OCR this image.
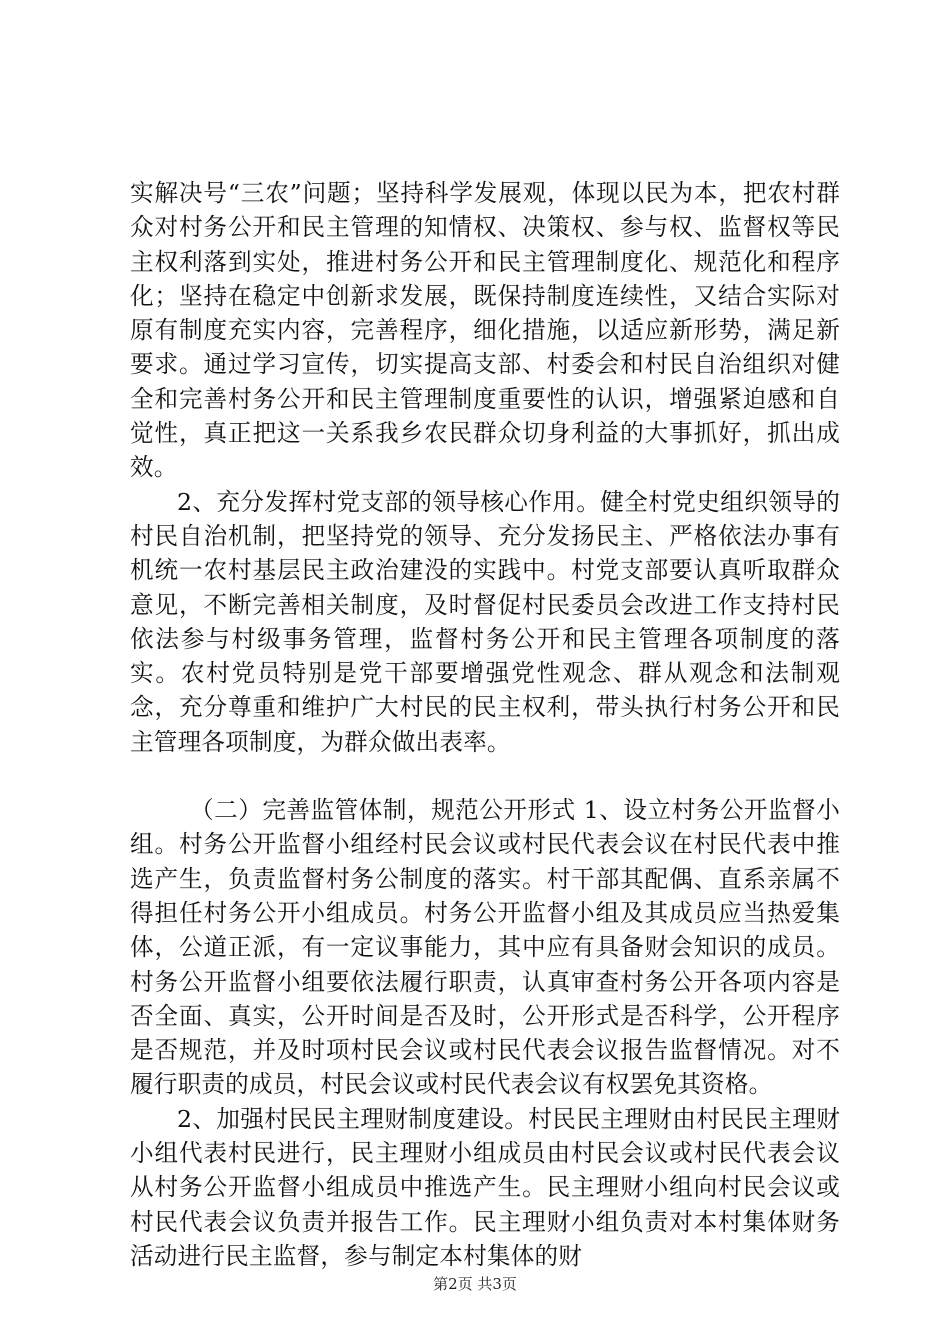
实解决号“三农”问题；坚持科学发展观，体现以民为本，把农村群众对村务公开和民主管理的知情权、决策权、参与权、监督权等民主权利落到实处，推进村务公开和民主管理制度化、规范化和程序化；坚持在稳定中创新求发展，既保持制度连续性，又结合实际对原有制度充实内容，完善程序，细化措施，以适应新形势，满足新要求。通过学习宣传，切实提高支部、村委会和村民自治组织对健全和完善村务公开和民主管理制度重要性的认识，增强紧迫感和自觉性，真正把这一关系我乡农民群众切身利益的大事抓好，抓出成效。

2、充分发挥村党支部的领导核心作用。健全村党史组织领导的村民自治机制，把坚持党的领导、充分发扬民主、严格依法办事有机统一农村基层民主政治建没的实践中。村党支部要认真听取群众意见，不断完善相关制度，及时督促村民委员会改进工作支持村民依法参与村级事务管理，监督村务公开和民主管理各项制度的落实。农村党员特别是党干部要增强党性观念、群从观念和法制观念，充分尊重和维护广大村民的民主权利，带头执行村务公开和民主管理各项制度，为群众做出表率。

（二）完善监管体制，规范公开形式 1、设立村务公开监督小组。村务公开监督小组经村民会议或村民代表会议在村民代表中推选产生，负责监督村务公制度的落实。村干部其配偶、直系亲属不得担任村务公开小组成员。村务公开监督小组及其成员应当热爱集体，公道正派，有一定议事能力，其中应有具备财会知识的成员。村务公开监督小组要依法履行职责，认真审查村务公开各项内容是否全面、真实，公开时间是否及时，公开形式是否科学，公开程序是否规范，并及时项村民会议或村民代表会议报告监督情况。对不履行职责的成员，村民会议或村民代表会议有权罢免其资格。

2、加强村民民主理财制度建设。村民民主理财由村民民主理财小组代表村民进行，民主理财小组成员由村民会议或村民代表会议从村务公开监督小组成员中推选产生。民主理财小组向村民会议或村民代表会议负责并报告工作。民主理财小组负责对本村集体财务活动进行民主监督，参与制定本村集体的财

第2页 共3页
